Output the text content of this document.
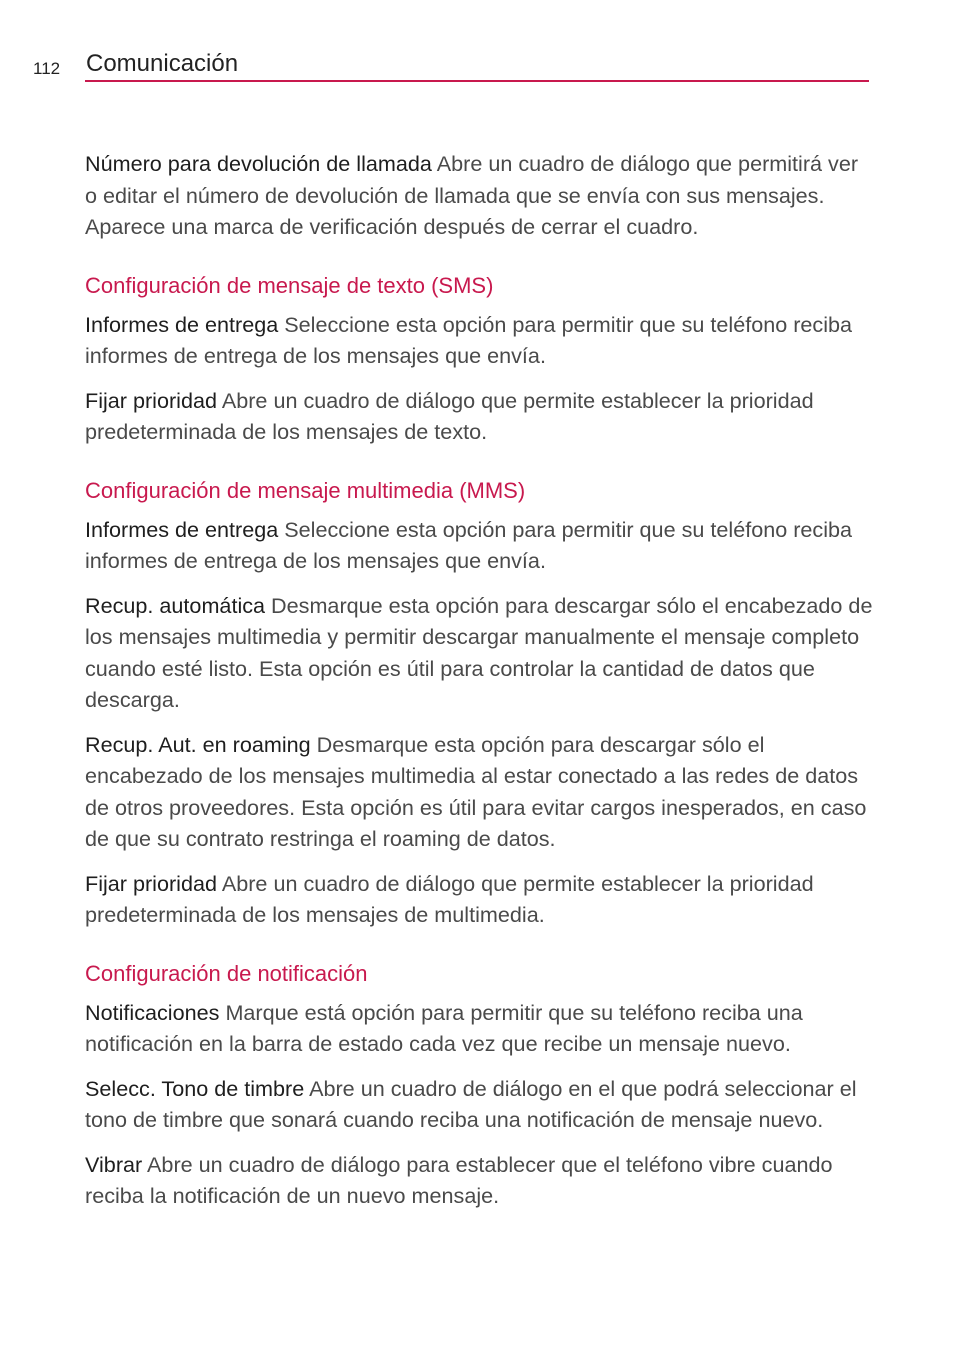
112 Comunicación

Número para devolución de llamada Abre un cuadro de diálogo que permitirá ver o editar el número de devolución de llamada que se envía con sus mensajes. Aparece una marca de verificación después de cerrar el cuadro.

Configuración de mensaje de texto (SMS)

Informes de entrega Seleccione esta opción para permitir que su teléfono reciba informes de entrega de los mensajes que envía.

Fijar prioridad Abre un cuadro de diálogo que permite establecer la prioridad predeterminada de los mensajes de texto.

Configuración de mensaje multimedia (MMS)

Informes de entrega Seleccione esta opción para permitir que su teléfono reciba informes de entrega de los mensajes que envía.

Recup. automática Desmarque esta opción para descargar sólo el encabezado de los mensajes multimedia y permitir descargar manualmente el mensaje completo cuando esté listo. Esta opción es útil para controlar la cantidad de datos que descarga.

Recup. Aut. en roaming Desmarque esta opción para descargar sólo el encabezado de los mensajes multimedia al estar conectado a las redes de datos de otros proveedores. Esta opción es útil para evitar cargos inesperados, en caso de que su contrato restringa el roaming de datos.

Fijar prioridad Abre un cuadro de diálogo que permite establecer la prioridad predeterminada de los mensajes de multimedia.

Configuración de notificación

Notificaciones Marque está opción para permitir que su teléfono reciba una notificación en la barra de estado cada vez que recibe un mensaje nuevo.

Selecc. Tono de timbre Abre un cuadro de diálogo en el que podrá seleccionar el tono de timbre que sonará cuando reciba una notificación de mensaje nuevo.

Vibrar Abre un cuadro de diálogo para establecer que el teléfono vibre cuando reciba la notificación de un nuevo mensaje.
